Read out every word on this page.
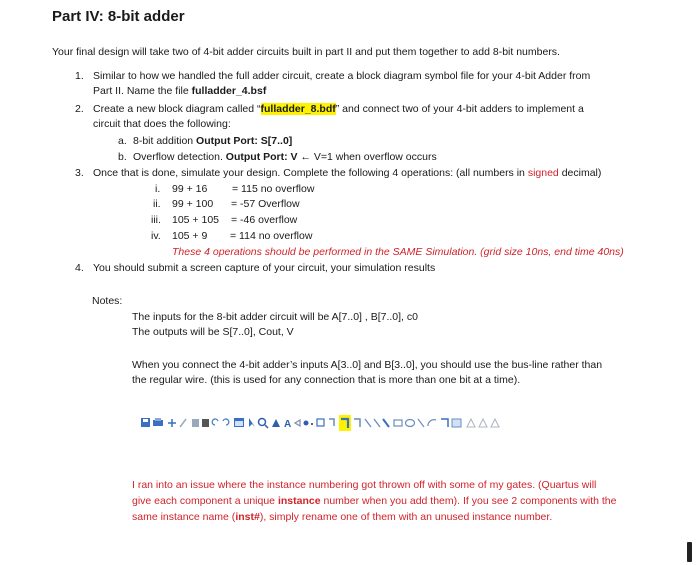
Part IV: 8-bit adder
Your final design will take two of 4-bit adder circuits built in part II and put them together to add 8-bit numbers.
1. Similar to how we handled the full adder circuit, create a block diagram symbol file for your 4-bit Adder from
Part II. Name the file fulladder_4.bsf
2. Create a new block diagram called “fulladder_8.bdf” and connect two of your 4-bit adders to implement a
circuit that does the following:
a. 8-bit addition Output Port: S[7..0]
b. Overflow detection. Output Port: V ← V=1 when overflow occurs
3. Once that is done, simulate your design. Complete the following 4 operations: (all numbers in signed decimal)
i. 99 + 16 = 115 no overflow
ii. 99 + 100 = -57 Overflow
iii. 105 + 105 = -46 overflow
iv. 105 + 9 = 114 no overflow
These 4 operations should be performed in the SAME Simulation. (grid size 10ns, end time 40ns)
4. You should submit a screen capture of your circuit, your simulation results
Notes:
The inputs for the 8-bit adder circuit will be A[7..0] , B[7..0], c0
The outputs will be S[7..0], Cout, V
When you connect the 4-bit adder’s inputs A[3..0] and B[3..0], you should use the bus-line rather than
the regular wire. (this is used for any connection that is more than one bit at a time).
A
I ran into an issue where the instance numbering got thrown off with some of my gates. (Quartus will
give each component a unique instance number when you add them). If you see 2 components with the
same instance name (inst#), simply rename one of them with an unused instance number.
